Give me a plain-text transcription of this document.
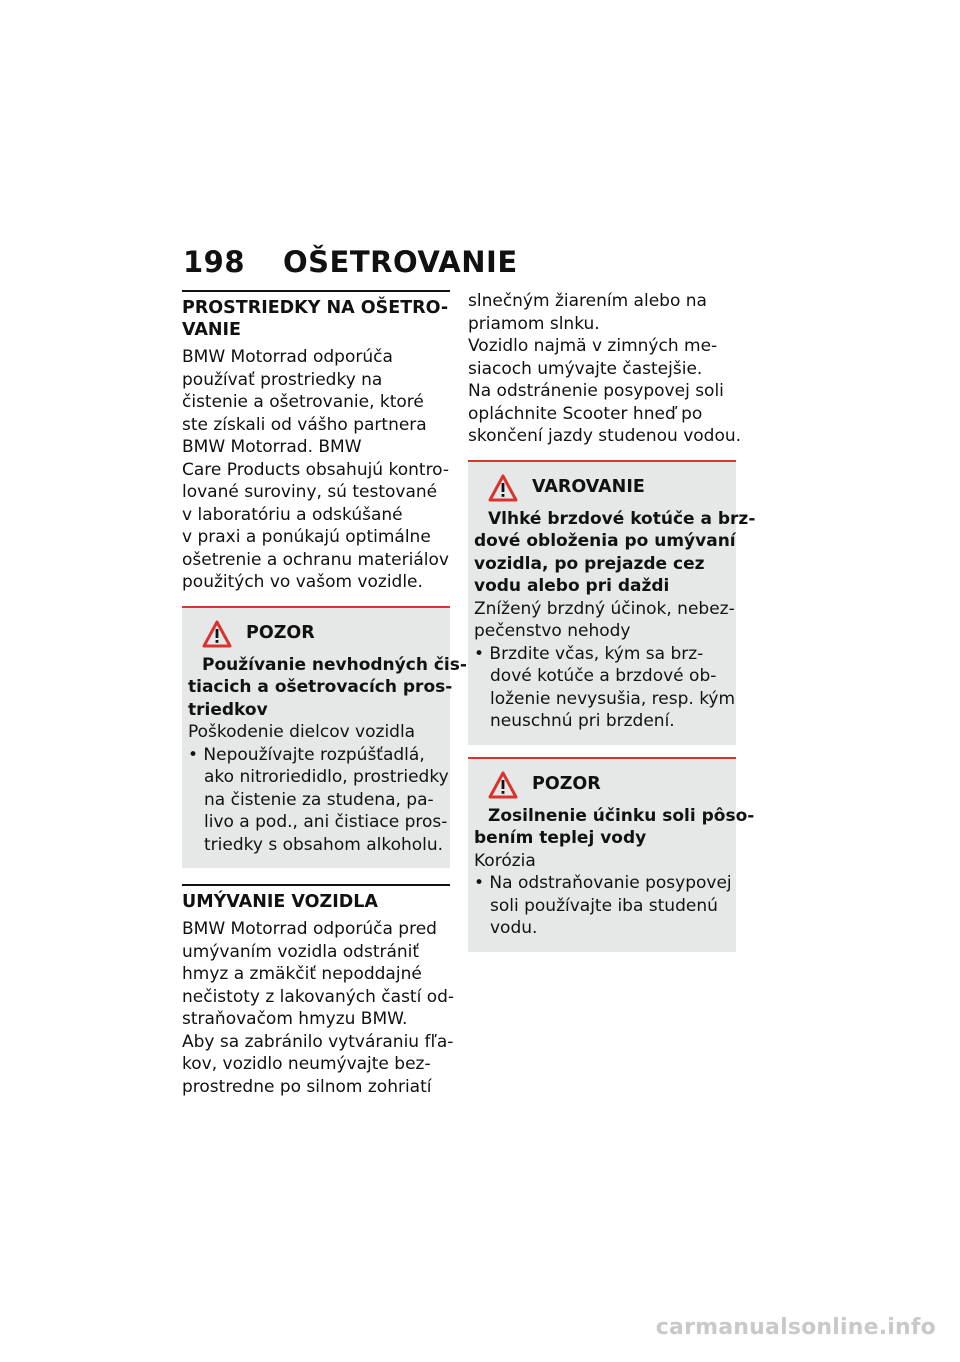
198 OŠETROVANIE
PROSTRIEDKY NA OŠETRO-
VANIE
BMW Motorrad odporúča
používať prostriedky na
čistenie a ošetrovanie, ktoré
ste získali od vášho partnera
BMW Motorrad. BMW
Care Products obsahujú kontro-
lované suroviny, sú testované
v laboratóriu a odskúšané
v praxi a ponúkajú optimálne
ošetrenie a ochranu materiálov
použitých vo vašom vozidle.
POZOR
Používanie nevhodných čis-
tiacich a ošetrovacích pros-
triedkov
Poškodenie dielcov vozidla
• Nepoužívajte rozpúšťadlá,
ako nitroriedidlo, prostriedky
na čistenie za studena, pa-
livo a pod., ani čistiace pros-
triedky s obsahom alkoholu.
UMÝVANIE VOZIDLA
BMW Motorrad odporúča pred
umývaním vozidla odstrániť
hmyz a zmäkčiť nepoddajné
nečistoty z lakovaných častí od-
straňovačom hmyzu BMW.
Aby sa zabránilo vytváraniu fľa-
kov, vozidlo neumývajte bez-
prostredne po silnom zohriatí
slnečným žiarením alebo na
priamom slnku.
Vozidlo najmä v zimných me-
siacoch umývajte častejšie.
Na odstránenie posypovej soli
opláchnite Scooter hneď po
skončení jazdy studenou vodou.
VAROVANIE
Vlhké brzdové kotúče a brz-
dové obloženia po umývaní
vozidla, po prejazde cez
vodu alebo pri daždi
Znížený brzdný účinok, nebez-
pečenstvo nehody
• Brzdite včas, kým sa brz-
dové kotúče a brzdové ob-
loženie nevysušia, resp. kým
neuschnú pri brzdení.
POZOR
Zosilnenie účinku soli pôso-
bením teplej vody
Korózia
• Na odstraňovanie posypovej
soli používajte iba studenú
vodu.
carmanualsonline.info
